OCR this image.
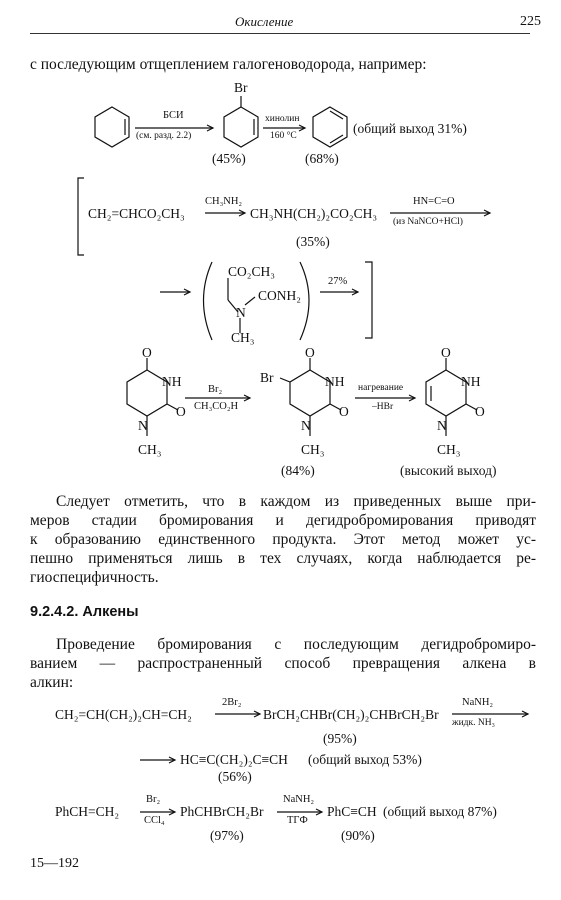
Окисление	225
с последующим отщеплением галогеноводорода, например:
БСИ
(см. разд. 2.2)
Br
хинолин
160 °C	(общий выход 31%)
(45%)	(68%)
CH₂=CHCO₂CH₃
CH₃NH₂
CH₃NH(CH₂)₂CO₂CH₃
HN=C=O
(из NaNCO+HCl)
(35%)
CO₂CH₃
CONH₂
N
CH₃
27%
O
NH
O
N
CH₃
Br₂
CH₃CO₂H
O
Br	NH
O
N
CH₃
нагревание
–HBr
O
NH
O
N
CH₃
(84%)	(высокий выход)
Следует отметить, что в каждом из приведенных выше при-
меров стадии бромирования и дегидробромирования приводят
к образованию единственного продукта. Этот метод может ус-
пешно применяться лишь в тех случаях, когда наблюдается ре-
гиоспецифичность.
9.2.4.2. Алкены
Проведение бромирования с последующим дегидробромиро-
ванием — распространенный способ превращения алкена в
алкин:
CH₂=CH(CH₂)₂CH=CH₂
2Br₂
BrCH₂CHBr(CH₂)₂CHBrCH₂Br
NaNH₂
жидк. NH₃
(95%)
HC≡C(CH₂)₂C≡CH (общий выход 53%)
(56%)
PhCH=CH₂
Br₂
CCl₄
PhCHBrCH₂Br
NaNH₂
ТГФ
PhC≡CH (общий выход 87%)
(97%)	(90%)
15—192
